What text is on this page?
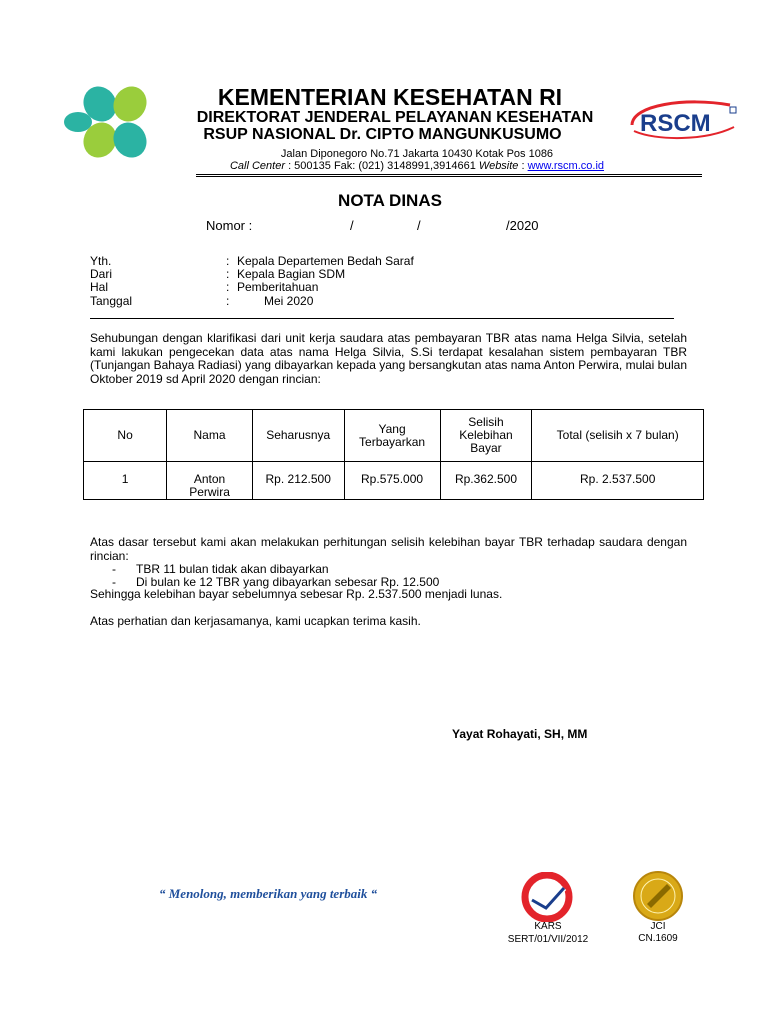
KEMENTERIAN KESEHATAN RI
DIREKTORAT JENDERAL PELAYANAN KESEHATAN
RSUP NASIONAL Dr. CIPTO MANGUNKUSUMO
Jalan Diponegoro No.71 Jakarta 10430 Kotak Pos 1086
Call Center : 500135 Fak: (021) 3148991,3914661 Website : www.rscm.co.id
RSCM
NOTA DINAS
Nomor :	/	/	/2020
Yth.	: Kepala Departemen Bedah Saraf
Dari	: Kepala Bagian SDM
Hal	: Pemberitahuan
Tanggal	:	Mei 2020
Sehubungan dengan klarifikasi dari unit kerja saudara atas pembayaran TBR atas nama Helga Silvia, setelah kami lakukan pengecekan data atas nama Helga Silvia, S.Si terdapat kesalahan sistem pembayaran TBR (Tunjangan Bahaya Radiasi) yang dibayarkan kepada yang bersangkutan atas nama Anton Perwira, mulai bulan Oktober 2019 sd April 2020 dengan rincian:
No	Nama	Seharusnya	Yang Terbayarkan	Selisih Kelebihan Bayar	Total (selisih x 7 bulan)
1	Anton Perwira	Rp. 212.500	Rp.575.000	Rp.362.500	Rp. 2.537.500
Atas dasar tersebut kami akan melakukan perhitungan selisih kelebihan bayar TBR terhadap saudara dengan rincian:
- TBR 11 bulan tidak akan dibayarkan
- Di bulan ke 12 TBR yang dibayarkan sebesar Rp. 12.500
Sehingga kelebihan bayar sebelumnya sebesar Rp. 2.537.500 menjadi lunas.
Atas perhatian dan kerjasamanya, kami ucapkan terima kasih.
Yayat Rohayati, SH, MM
“ Menolong, memberikan yang terbaik “
KARS
SERT/01/VII/2012
JCI
CN.1609
